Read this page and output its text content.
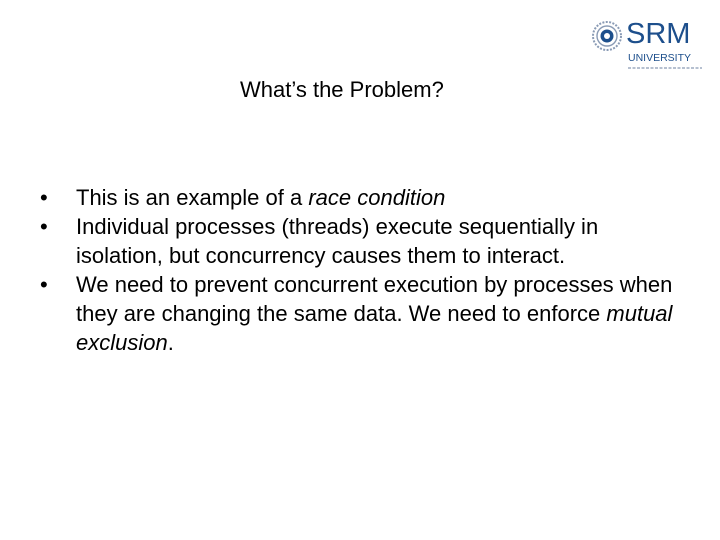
SRM
UNIVERSITY
What’s the Problem?
• This is an example of a race condition
• Individual processes (threads) execute sequentially in isolation, but concurrency causes them to interact.
• We need to prevent concurrent execution by processes when they are changing the same data. We need to enforce mutual exclusion.
